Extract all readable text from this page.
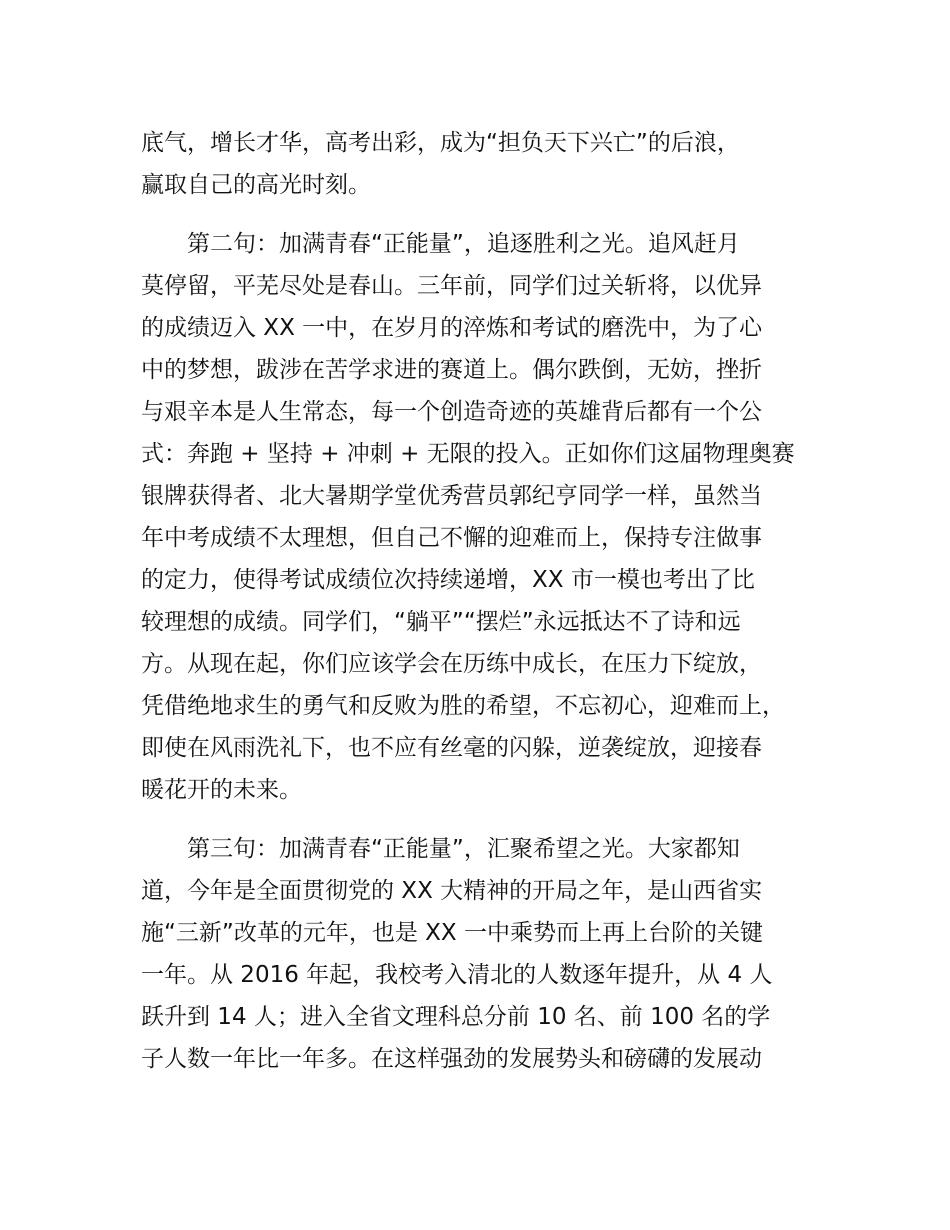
底气，增长才华，高考出彩，成为“担负天下兴亡”的后浪，

赢取自己的高光时刻。

　　第二句：加满青春“正能量”，追逐胜利之光。追风赶月

莫停留，平芜尽处是春山。三年前，同学们过关斩将，以优异

的成绩迈入 XX 一中，在岁月的淬炼和考试的磨洗中，为了心

中的梦想，跋涉在苦学求进的赛道上。偶尔跌倒，无妨，挫折

与艰辛本是人生常态，每一个创造奇迹的英雄背后都有一个公

式：奔跑 + 坚持 + 冲刺 + 无限的投入。正如你们这届物理奥赛

银牌获得者、北大暑期学堂优秀营员郭纪亨同学一样，虽然当

年中考成绩不太理想，但自己不懈的迎难而上，保持专注做事

的定力，使得考试成绩位次持续递增，XX 市一模也考出了比

较理想的成绩。同学们，“躺平”“摆烂”永远抵达不了诗和远

方。从现在起，你们应该学会在历练中成长，在压力下绽放，

凭借绝地求生的勇气和反败为胜的希望，不忘初心，迎难而上，

即使在风雨洗礼下，也不应有丝毫的闪躲，逆袭绽放，迎接春

暖花开的未来。

　　第三句：加满青春“正能量”，汇聚希望之光。大家都知

道，今年是全面贯彻党的 XX 大精神的开局之年，是山西省实

施“三新”改革的元年，也是 XX 一中乘势而上再上台阶的关键

一年。从 2016 年起，我校考入清北的人数逐年提升，从 4 人

跃升到 14 人；进入全省文理科总分前 10 名、前 100 名的学

子人数一年比一年多。在这样强劲的发展势头和磅礴的发展动
